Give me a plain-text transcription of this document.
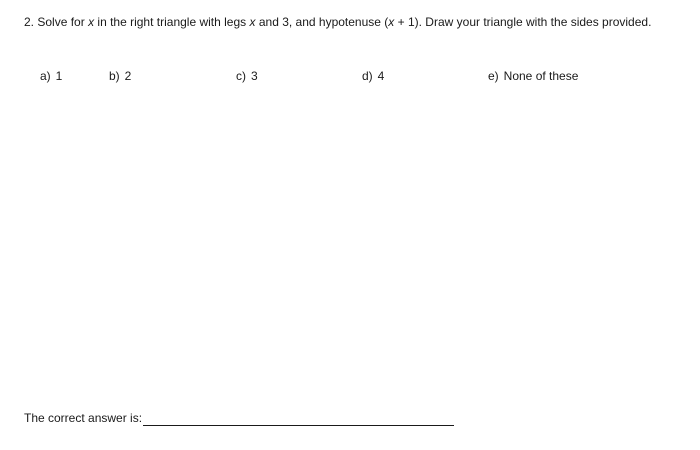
2. Solve for x in the right triangle with legs x and 3, and hypotenuse (x + 1). Draw your triangle with the sides provided.
a) 1	b) 2	c) 3	d) 4	e) None of these
The correct answer is:
